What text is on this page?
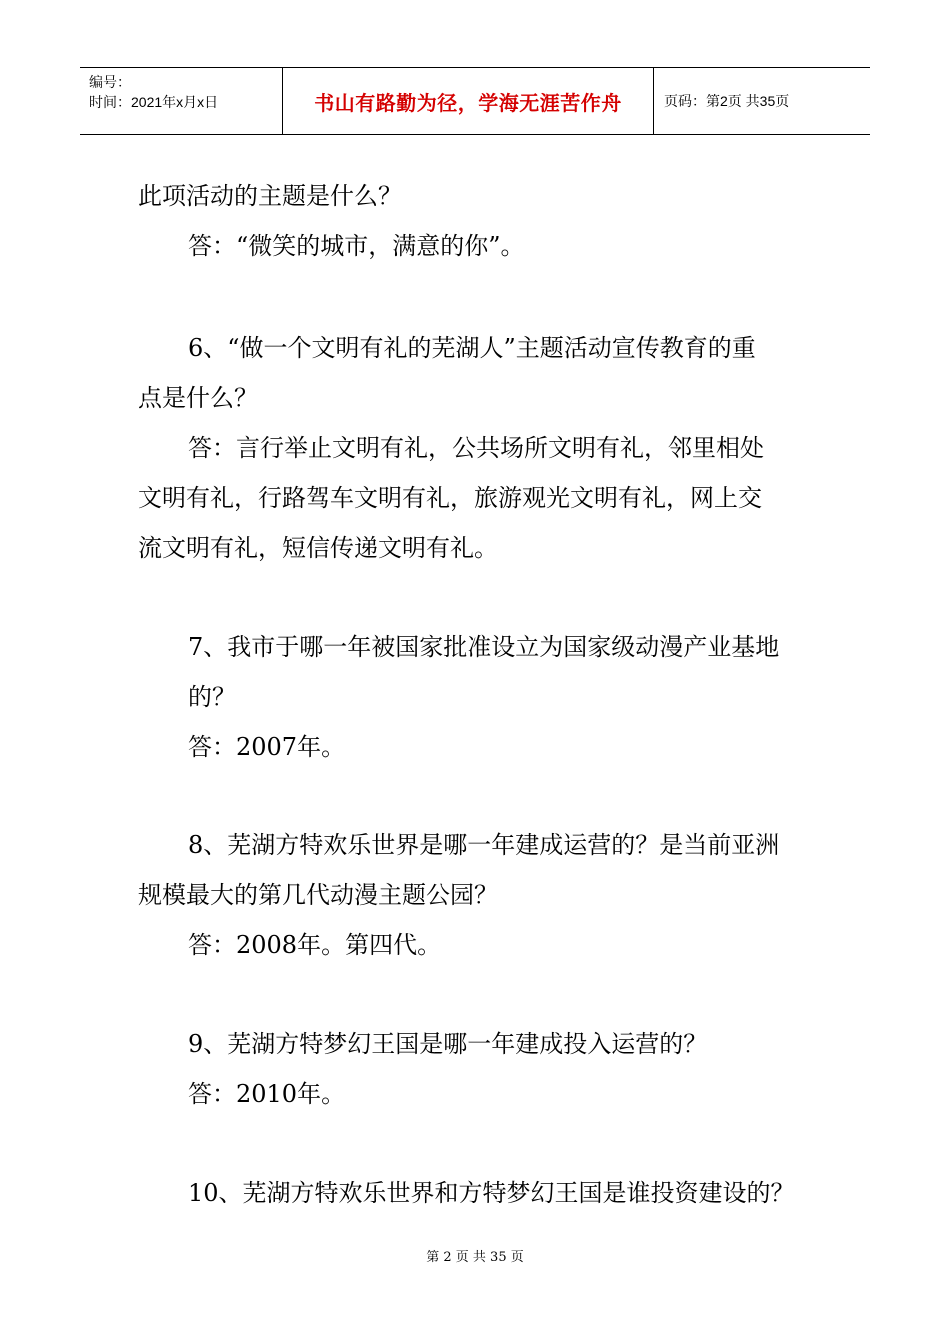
编号：
时间：2021年x月x日	书山有路勤为径，学海无涯苦作舟	页码：第2页 共35页
此项活动的主题是什么？
答：“微笑的城市，满意的你”。
6、“做一个文明有礼的芜湖人”主题活动宣传教育的重
点是什么？
答：言行举止文明有礼，公共场所文明有礼，邻里相处
文明有礼，行路驾车文明有礼，旅游观光文明有礼，网上交
流文明有礼，短信传递文明有礼。
7、我市于哪一年被国家批准设立为国家级动漫产业基地
的？
答：2007年。
8、芜湖方特欢乐世界是哪一年建成运营的？是当前亚洲
规模最大的第几代动漫主题公园？
答：2008年。第四代。
9、芜湖方特梦幻王国是哪一年建成投入运营的？
答：2010年。
10、芜湖方特欢乐世界和方特梦幻王国是谁投资建设的？
第 2 页 共 35 页
